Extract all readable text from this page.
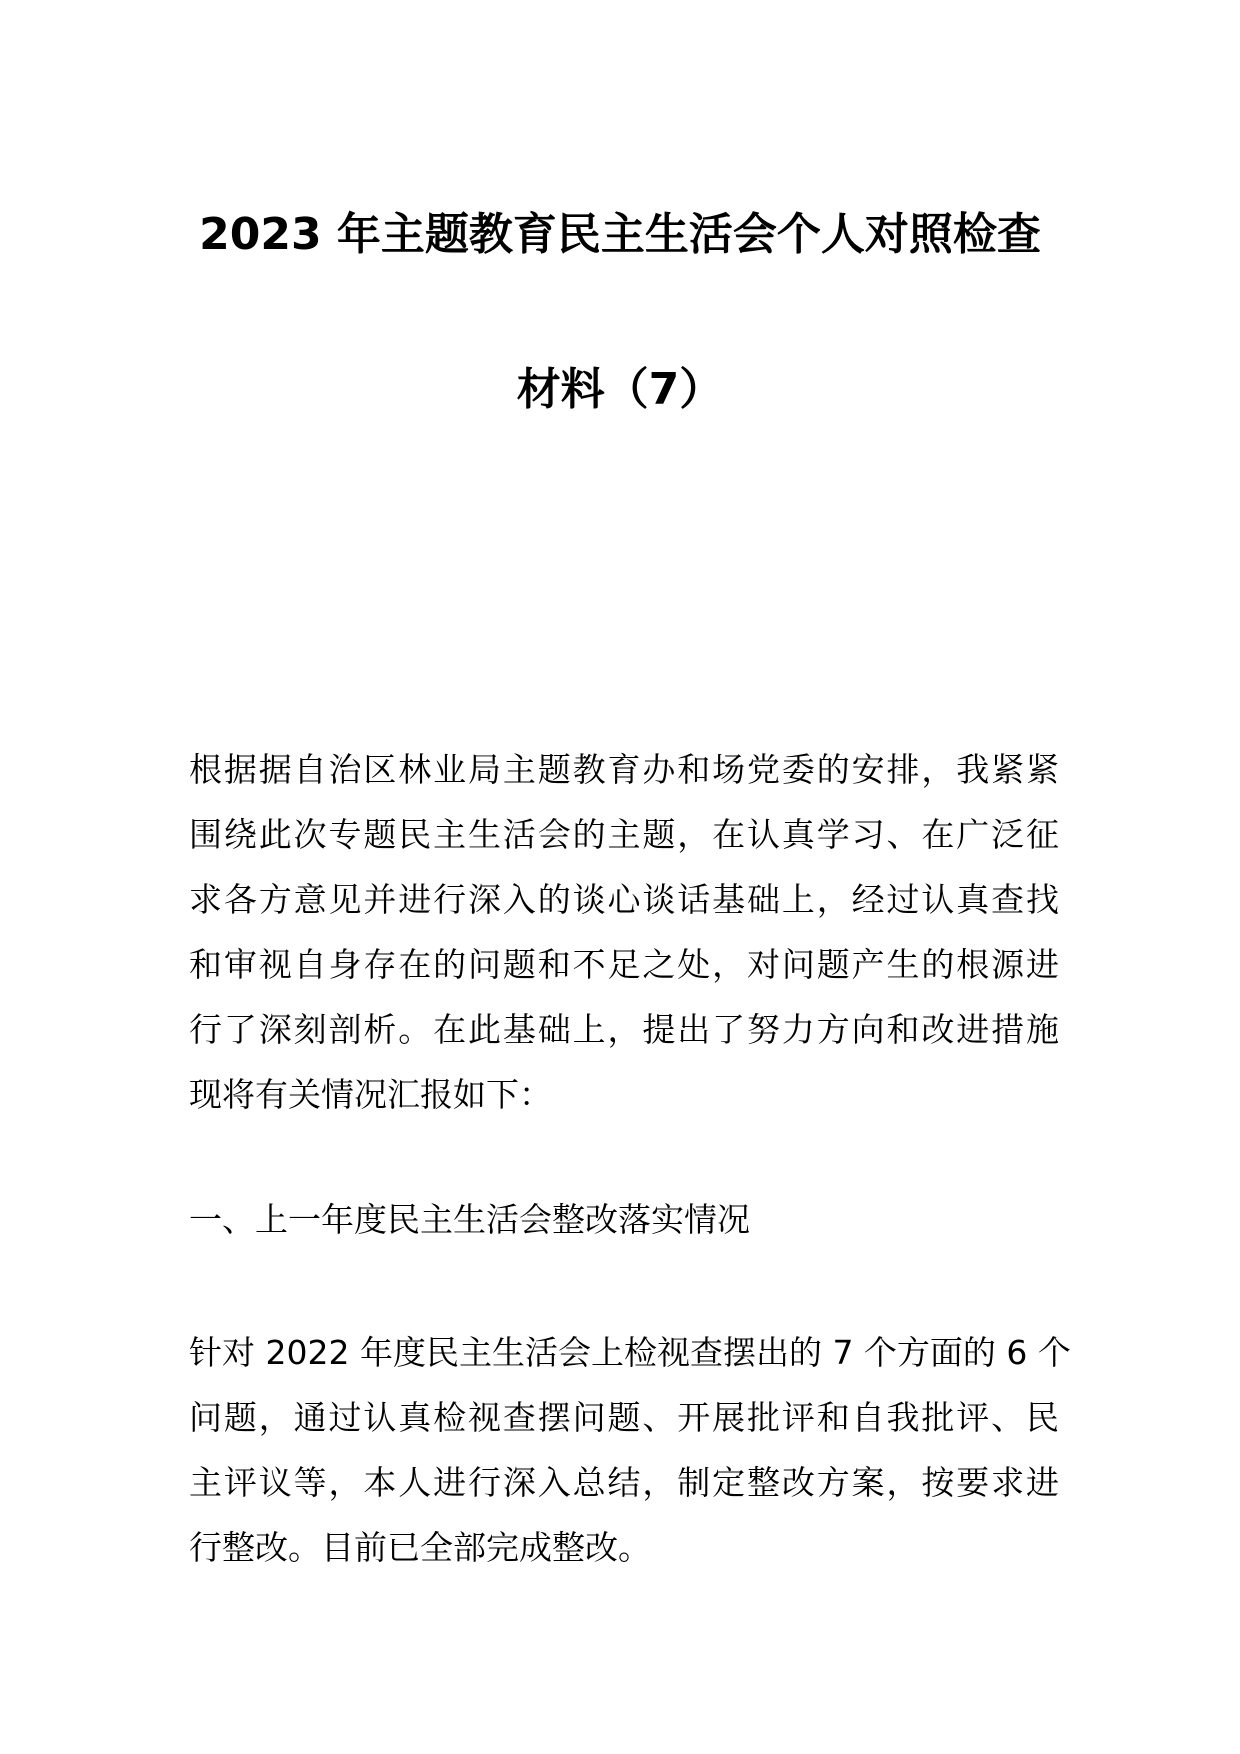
2023 年主题教育民主生活会个人对照检查
材料（7）
根据据自治区林业局主题教育办和场党委的安排，我紧紧
围绕此次专题民主生活会的主题，在认真学习、在广泛征
求各方意见并进行深入的谈心谈话基础上，经过认真查找
和审视自身存在的问题和不足之处，对问题产生的根源进
行了深刻剖析。在此基础上，提出了努力方向和改进措施
现将有关情况汇报如下：
一、上一年度民主生活会整改落实情况
针对 2022 年度民主生活会上检视查摆出的 7 个方面的 6 个
问题，通过认真检视查摆问题、开展批评和自我批评、民
主评议等，本人进行深入总结，制定整改方案，按要求进
行整改。目前已全部完成整改。
